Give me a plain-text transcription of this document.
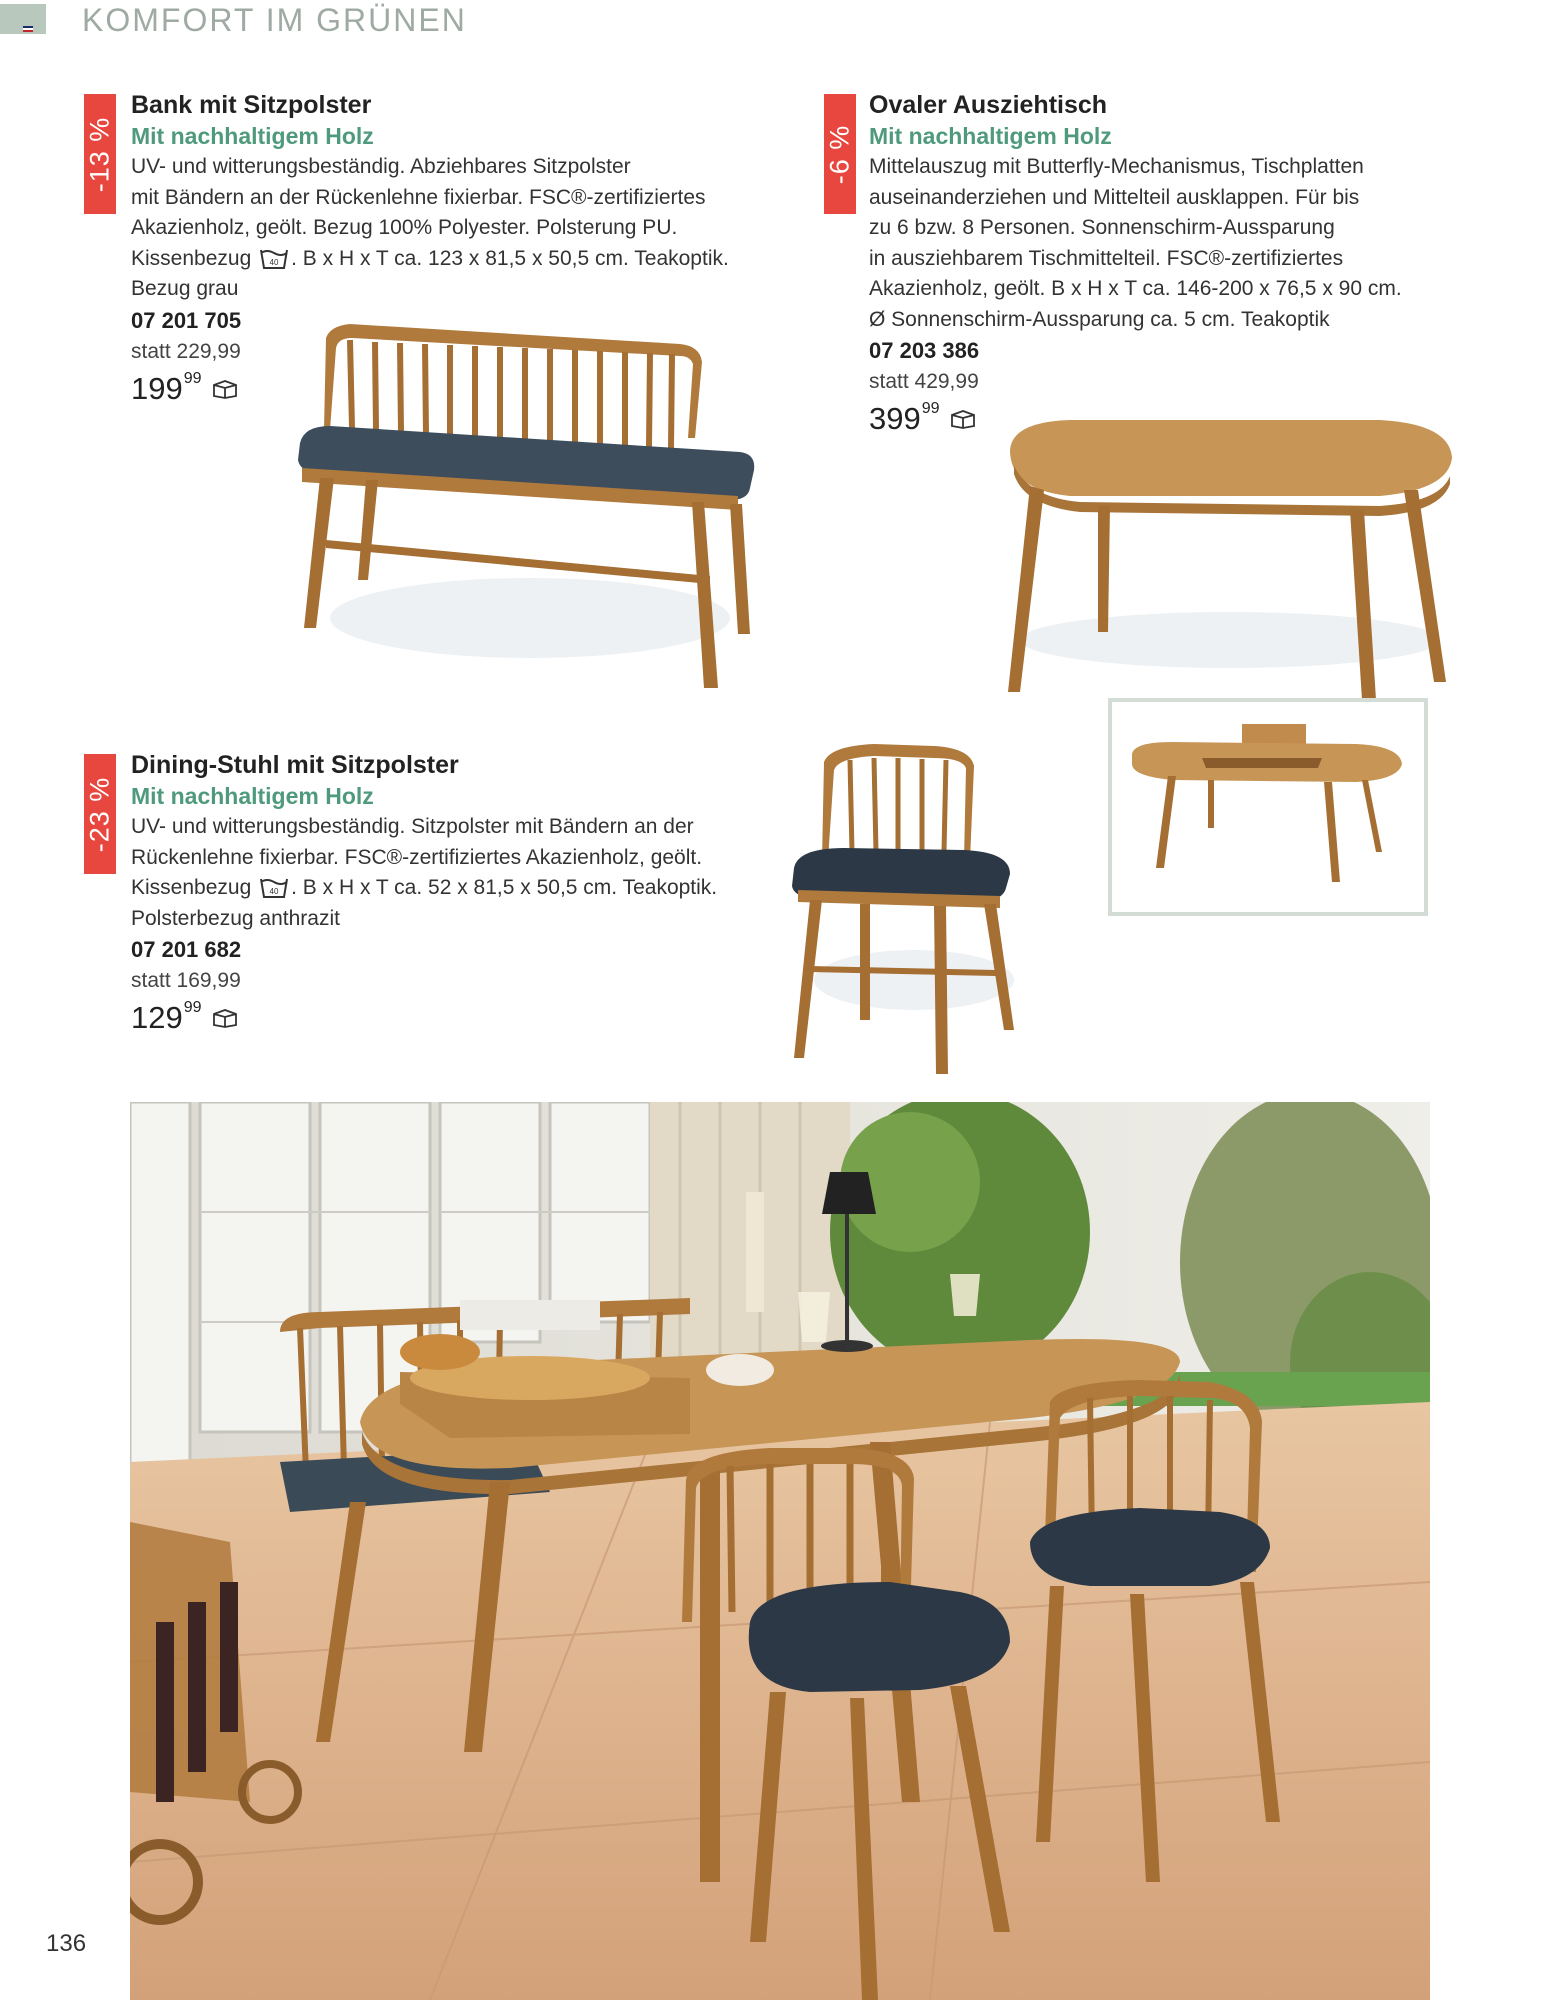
KOMFORT IM GRÜNEN
-13 %
Bank mit Sitzpolster
Mit nachhaltigem Holz
UV- und witterungsbeständig. Abziehbares Sitzpolster
mit Bändern an der Rückenlehne fixierbar. FSC®-zertifiziertes
Akazienholz, geölt. Bezug 100% Polyester. Polsterung PU.
Kissenbezug 40 . B x H x T ca. 123 x 81,5 x 50,5 cm. Teakoptik.
Bezug grau
07 201 705
statt 229,99
$199^{99}$
-6 %
Ovaler Ausziehtisch
Mit nachhaltigem Holz
Mittelauszug mit Butterfly-Mechanismus, Tischplatten
auseinanderziehen und Mittelteil ausklappen. Für bis
zu 6 bzw. 8 Personen. Sonnenschirm-Aussparung
in ausziehbarem Tischmittelteil. FSC®-zertifiziertes
Akazienholz, geölt. B x H x T ca. 146-200 x 76,5 x 90 cm.
Ø Sonnenschirm-Aussparung ca. 5 cm. Teakoptik
07 203 386
statt 429,99
$399^{99}$
-23 %
Dining-Stuhl mit Sitzpolster
Mit nachhaltigem Holz
UV- und witterungsbeständig. Sitzpolster mit Bändern an der
Rückenlehne fixierbar. FSC®-zertifiziertes Akazienholz, geölt.
Kissenbezug 40 . B x H x T ca. 52 x 81,5 x 50,5 cm. Teakoptik.
Polsterbezug anthrazit
07 201 682
statt 169,99
$129^{99}$
136
